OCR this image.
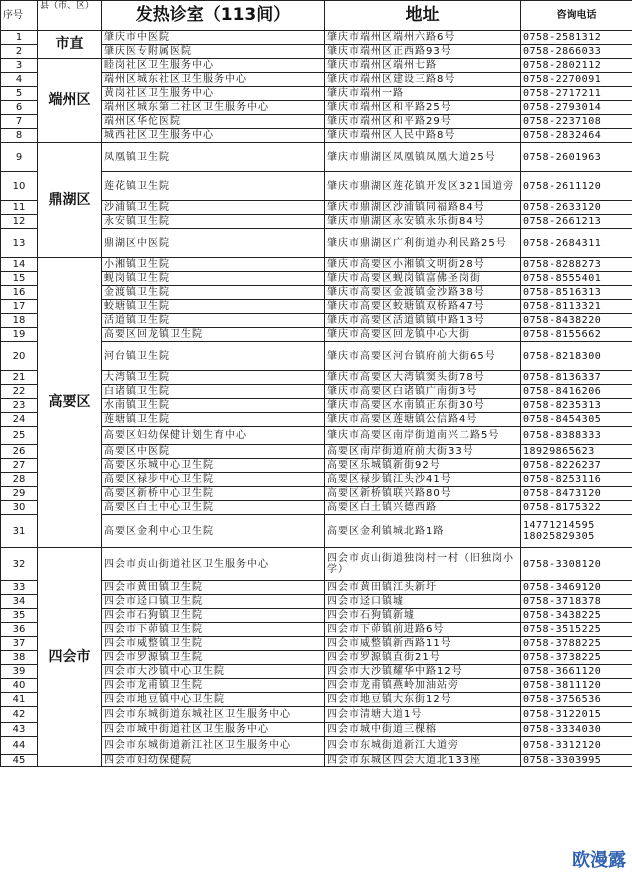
序号	县（市、区）	发热诊室（113间）	地址	咨询电话
1	市直	肇庆市中医院	肇庆市端州区端州六路6号	0758-2581312
2		肇庆医专附属医院	肇庆市端州区正西路93号	0758-2866033
3	端州区	睦岗社区卫生服务中心	肇庆市端州区端州七路	0758-2802112
4		端州区城东社区卫生服务中心	肇庆市端州区建设三路8号	0758-2270091
5		黄岗社区卫生服务中心	肇庆市端州一路	0758-2717211
6		端州区城东第二社区卫生服务中心	肇庆市端州区和平路25号	0758-2793014
7		端州区华佗医院	肇庆市端州区和平路29号	0758-2237108
8		城西社区卫生服务中心	肇庆市端州区人民中路8号	0758-2832464
9	鼎湖区	凤凰镇卫生院	肇庆市鼎湖区凤凰镇凤凰大道25号	0758-2601963
10		莲花镇卫生院	肇庆市鼎湖区莲花镇开发区321国道旁	0758-2611120
11		沙浦镇卫生院	肇庆市鼎湖区沙浦镇同福路84号	0758-2633120
12		永安镇卫生院	肇庆市鼎湖区永安镇永乐街84号	0758-2661213
13		鼎湖区中医院	肇庆市鼎湖区广利街道办利民路25号	0758-2684311
14	高要区	小湘镇卫生院	肇庆市高要区小湘镇文明街28号	0758-8288273
15		蚬岗镇卫生院	肇庆市高要区蚬岗镇富佛圣岗街	0758-8555401
16		金渡镇卫生院	肇庆市高要区金渡镇金沙路38号	0758-8516313
17		蛟塘镇卫生院	肇庆市高要区蛟塘镇双桥路47号	0758-8113321
18		活道镇卫生院	肇庆市高要区活道镇镇中路13号	0758-8438220
19		高要区回龙镇卫生院	肇庆市高要区回龙镇中心大街	0758-8155662
20		河台镇卫生院	肇庆市高要区河台镇府前大街65号	0758-8218300
21		大湾镇卫生院	肇庆市高要区大湾镇窦头街78号	0758-8136337
22		白诸镇卫生院	肇庆市高要区白诸镇广南街3号	0758-8416206
23		水南镇卫生院	肇庆市高要区水南镇正东街30号	0758-8235313
24		莲塘镇卫生院	肇庆市高要区莲塘镇公信路4号	0758-8454305
25		高要区妇幼保健计划生育中心	肇庆市高要区南岸街道南兴二路5号	0758-8388333
26		高要区中医院	高要区南岸街道府前大街33号	18929865623
27		高要区乐城中心卫生院	高要区乐城镇新街92号	0758-8226237
28		高要区禄步中心卫生院	高要区禄步镇江头沙41号	0758-8253116
29		高要区新桥中心卫生院	高要区新桥镇联兴路80号	0758-8473120
30		高要区白土中心卫生院	高要区白土镇兴德西路	0758-8175322
31		高要区金利中心卫生院	高要区金利镇城北路1路	14771214595 18025829305
32	四会市	四会市贞山街道社区卫生服务中心	四会市贞山街道独岗村一村（旧独岗小学）	0758-3308120
33		四会市黄田镇卫生院	四会市黄田镇江头新圩	0758-3469120
34		四会市迳口镇卫生院	四会市迳口镇墟	0758-3718378
35		四会市石狗镇卫生院	四会市石狗镇新墟	0758-3438225
36		四会市下茆镇卫生院	四会市下茆镇前进路6号	0758-3515225
37		四会市威整镇卫生院	四会市威整镇新西路11号	0758-3788225
38		四会市罗源镇卫生院	四会市罗源镇直街21号	0758-3738225
39		四会市大沙镇中心卫生院	四会市大沙镇耀华中路12号	0758-3661120
40		四会市龙甫镇卫生院	四会市龙甫镇燕岭加油站旁	0758-3811120
41		四会市地豆镇中心卫生院	四会市地豆镇大东街12号	0758-3756536
42		四会市东城街道东城社区卫生服务中心	四会市清塘大道1号	0758-3122015
43		四会市城中街道社区卫生服务中心	四会市城中街道三棵榕	0758-3334030
44		四会市东城街道新江社区卫生服务中心	四会市东城街道新江大道旁	0758-3312120
45		四会市妇幼保健院	四会市东城区四会大道北133座	0758-3303995
欧漫露
